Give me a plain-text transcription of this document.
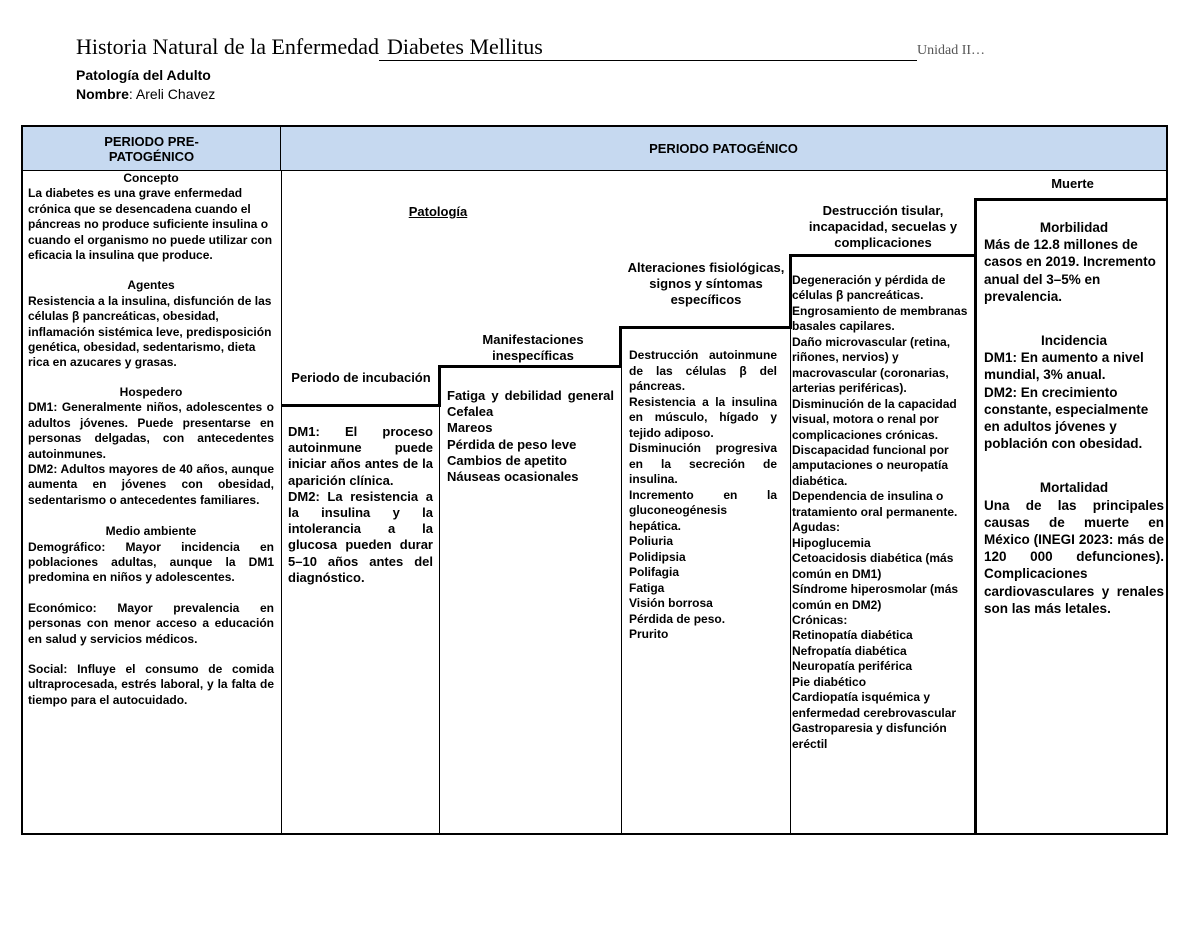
Historia Natural de la Enfermedad Diabetes Mellitus	Unidad II…
Patología del Adulto
Nombre: Areli Chavez
PERIODO PRE-PATOGÉNICO	PERIODO PATOGÉNICO

Concepto

La diabetes es una grave enfermedad crónica que se desencadena cuando el páncreas no produce suficiente insulina o cuando el organismo no puede utilizar con eficacia la insulina que produce.

Agentes

Resistencia a la insulina, disfunción de las células β pancreáticas, obesidad, inflamación sistémica leve, predisposición genética, obesidad, sedentarismo, dieta rica en azucares y grasas.

Hospedero

DM1: Generalmente niños, adolescentes o adultos jóvenes. Puede presentarse en personas delgadas, con antecedentes autoinmunes.

DM2: Adultos mayores de 40 años, aunque aumenta en jóvenes con obesidad, sedentarismo o antecedentes familiares.

Medio ambiente

Demográfico: Mayor incidencia en poblaciones adultas, aunque la DM1 predomina en niños y adolescentes.

Económico: Mayor prevalencia en personas con menor acceso a educación en salud y servicios médicos.

Social: Influye el consumo de comida ultraprocesada, estrés laboral, y la falta de tiempo para el autocuidado.

Patología
Periodo de incubación

DM1: El proceso autoinmune puede iniciar años antes de la aparición clínica.

DM2: La resistencia a la insulina y la intolerancia a la glucosa pueden durar 5–10 años antes del diagnóstico.

Manifestaciones inespecíficas
Fatiga y debilidad general
Cefalea
Mareos
Pérdida de peso leve
Cambios de apetito
Náuseas ocasionales
Alteraciones fisiológicas, signos y síntomas específicos
Destrucción autoinmune de las células β del páncreas.
Resistencia a la insulina en músculo, hígado y tejido adiposo.
Disminución progresiva en la secreción de insulina.
Incremento en la gluconeogénesis hepática.
Poliuria
Polidipsia
Polifagia
Fatiga
Visión borrosa
Pérdida de peso.
Prurito
Destrucción tisular, incapacidad, secuelas y complicaciones
Degeneración y pérdida de células β pancreáticas.
Engrosamiento de membranas basales capilares.
Daño microvascular (retina, riñones, nervios) y macrovascular (coronarias, arterias periféricas).
Disminución de la capacidad visual, motora o renal por complicaciones crónicas.
Discapacidad funcional por amputaciones o neuropatía diabética.
Dependencia de insulina o tratamiento oral permanente.
Agudas:
Hipoglucemia
Cetoacidosis diabética (más común en DM1)
Síndrome hiperosmolar (más común en DM2)
Crónicas:
Retinopatía diabética
Nefropatía diabética
Neuropatía periférica
Pie diabético
Cardiopatía isquémica y enfermedad cerebrovascular
Gastroparesia y disfunción eréctil
Muerte

Morbilidad

Más de 12.8 millones de casos en 2019. Incremento anual del 3–5% en prevalencia.

Incidencia

DM1: En aumento a nivel mundial, 3% anual.

DM2: En crecimiento constante, especialmente en adultos jóvenes y población con obesidad.

Mortalidad

Una de las principales causas de muerte en México (INEGI 2023: más de 120 000 defunciones). Complicaciones cardiovasculares y renales son las más letales.
